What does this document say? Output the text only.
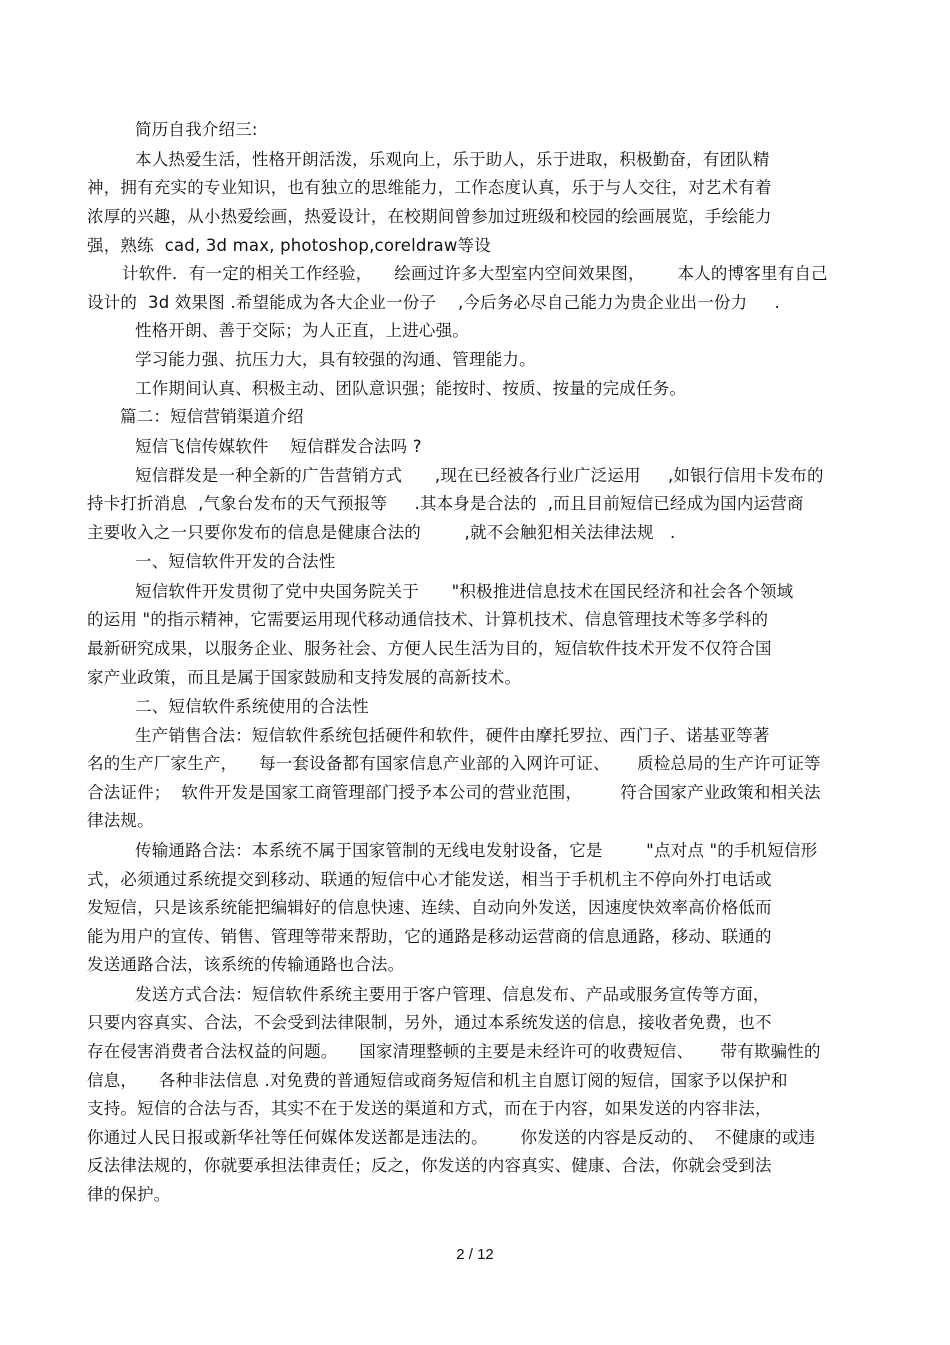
简历自我介绍三:

本人热爱生活，性格开朗活泼，乐观向上，乐于助人，乐于进取，积极勤奋，有团队精

神，拥有充实的专业知识，也有独立的思维能力，工作态度认真，乐于与人交往，对艺术有着

浓厚的兴趣，从小热爱绘画，热爱设计，在校期间曾参加过班级和校园的绘画展览，手绘能力

强，熟练  cad, 3d max, photoshop,coreldraw等设

计软件．有一定的相关工作经验，    绘画过许多大型室内空间效果图，      本人的博客里有自己

设计的  3d 效果图 .希望能成为各大企业一份子    ,今后务必尽自己能力为贵企业出一份力     .

性格开朗、善于交际；为人正直，上进心强。

学习能力强、抗压力大，具有较强的沟通、管理能力。

工作期间认真、积极主动、团队意识强；能按时、按质、按量的完成任务。

篇二：短信营销渠道介绍

短信飞信传媒软件    短信群发合法吗 ?

短信群发是一种全新的广告营销方式      ,现在已经被各行业广泛运用     ,如银行信用卡发布的

持卡打折消息  ,气象台发布的天气预报等     .其本身是合法的  ,而且目前短信已经成为国内运营商

主要收入之一只要你发布的信息是健康合法的        ,就不会触犯相关法律法规   .

一、短信软件开发的合法性

短信软件开发贯彻了党中央国务院关于      "积极推进信息技术在国民经济和社会各个领域

的运用 "的指示精神，它需要运用现代移动通信技术、计算机技术、信息管理技术等多学科的

最新研究成果，以服务企业、服务社会、方便人民生活为目的，短信软件技术开发不仅符合国

家产业政策，而且是属于国家鼓励和支持发展的高新技术。

二、短信软件系统使用的合法性

生产销售合法：短信软件系统包括硬件和软件，硬件由摩托罗拉、西门子、诺基亚等著

名的生产厂家生产，    每一套设备都有国家信息产业部的入网许可证、     质检总局的生产许可证等

合法证件；  软件开发是国家工商管理部门授予本公司的营业范围，       符合国家产业政策和相关法

律法规。

传输通路合法：本系统不属于国家管制的无线电发射设备，它是        "点对点 "的手机短信形

式，必须通过系统提交到移动、联通的短信中心才能发送，相当于手机机主不停向外打电话或

发短信，只是该系统能把编辑好的信息快速、连续、自动向外发送，因速度快效率高价格低而

能为用户的宣传、销售、管理等带来帮助，它的通路是移动运营商的信息通路，移动、联通的

发送通路合法，该系统的传输通路也合法。

发送方式合法：短信软件系统主要用于客户管理、信息发布、产品或服务宣传等方面，

只要内容真实、合法，不会受到法律限制，另外，通过本系统发送的信息，接收者免费，也不

存在侵害消费者合法权益的问题。    国家清理整顿的主要是未经许可的收费短信、     带有欺骗性的

信息，    各种非法信息 .对免费的普通短信或商务短信和机主自愿订阅的短信，国家予以保护和

支持。短信的合法与否，其实不在于发送的渠道和方式，而在于内容，如果发送的内容非法，

你通过人民日报或新华社等任何媒体发送都是违法的。      你发送的内容是反动的、  不健康的或违

反法律法规的，你就要承担法律责任；反之，你发送的内容真实、健康、合法，你就会受到法

律的保护。

2 / 12
